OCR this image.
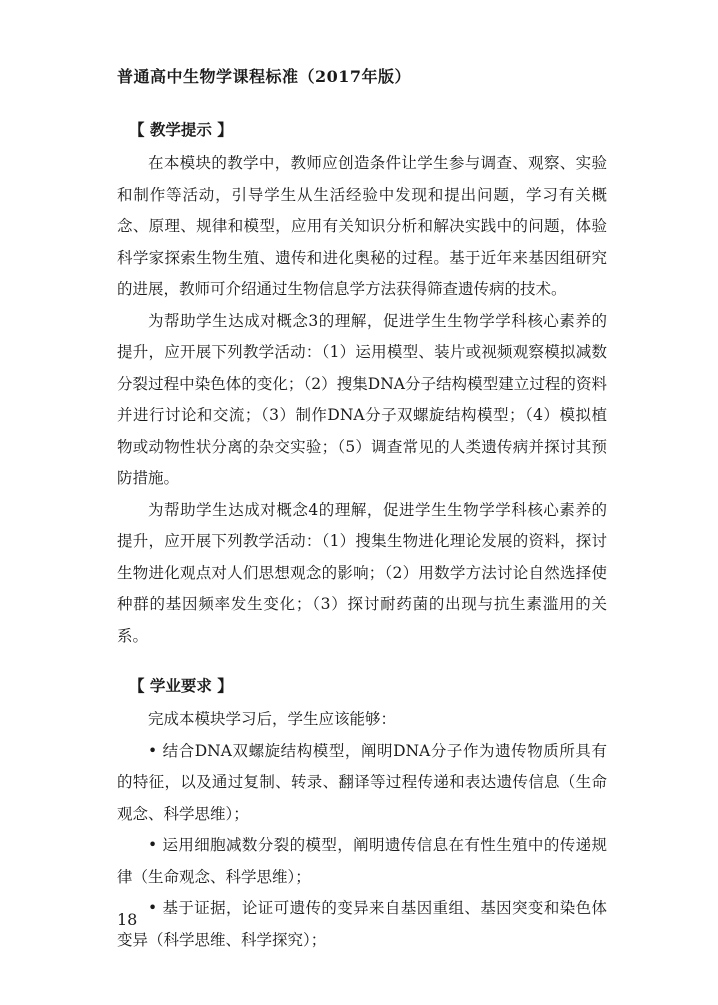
普通高中生物学课程标准（2017年版）
【 教学提示 】

在本模块的教学中，教师应创造条件让学生参与调查、观察、实验和制作等活动，引导学生从生活经验中发现和提出问题，学习有关概念、原理、规律和模型，应用有关知识分析和解决实践中的问题，体验科学家探索生物生殖、遗传和进化奥秘的过程。基于近年来基因组研究的进展，教师可介绍通过生物信息学方法获得筛查遗传病的技术。

为帮助学生达成对概念3的理解，促进学生生物学学科核心素养的提升，应开展下列教学活动：（1）运用模型、装片或视频观察模拟减数分裂过程中染色体的变化；（2）搜集DNA分子结构模型建立过程的资料并进行讨论和交流；（3）制作DNA分子双螺旋结构模型；（4）模拟植物或动物性状分离的杂交实验；（5）调查常见的人类遗传病并探讨其预防措施。

为帮助学生达成对概念4的理解，促进学生生物学学科核心素养的提升，应开展下列教学活动：（1）搜集生物进化理论发展的资料，探讨生物进化观点对人们思想观念的影响；（2）用数学方法讨论自然选择使种群的基因频率发生变化；（3）探讨耐药菌的出现与抗生素滥用的关系。

【 学业要求 】

完成本模块学习后，学生应该能够：

• 结合DNA双螺旋结构模型，阐明DNA分子作为遗传物质所具有的特征，以及通过复制、转录、翻译等过程传递和表达遗传信息（生命观念、科学思维）；

• 运用细胞减数分裂的模型，阐明遗传信息在有性生殖中的传递规律（生命观念、科学思维）；

• 基于证据，论证可遗传的变异来自基因重组、基因突变和染色体变异（科学思维、科学探究）；

18
